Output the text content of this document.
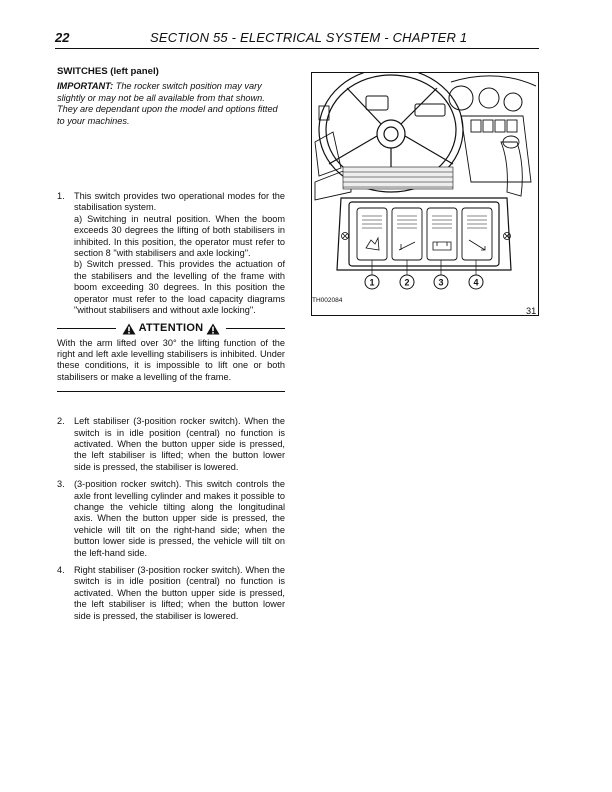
22	SECTION 55 - ELECTRICAL SYSTEM - CHAPTER 1
SWITCHES (left panel)
IMPORTANT: The rocker switch position may vary slightly or may not be all available from that shown. They are dependant upon the model and options fitted to your machines.
1.	This switch provides two operational modes for the stabilisation system.

a) Switching in neutral position. When the boom exceeds 30 degrees the lifting of both stabilisers in inhibited. In this position, the operator must refer to section 8 "with stabilisers and axle locking".

b) Switch pressed. This provides the actuation of the stabilisers and the levelling of the frame with boom exceeding 30 degrees. In this position the operator must refer to the load capacity diagrams "without stabilisers and without axle locking".

ATTENTION

With the arm lifted over 30° the lifting function of the right and left axle levelling stabilisers is inhibited. Under these conditions, it is impossible to lift one or both stabilisers or make a levelling of the frame.

2.	Left stabiliser (3-position rocker switch). When the switch is in idle position (central) no function is activated. When the button upper side is pressed, the left stabiliser is lifted; when the button lower side is pressed, the stabiliser is lowered.

3.	(3-position rocker switch). This switch controls the axle front levelling cylinder and makes it possible to change the vehicle tilting along the longitudinal axis. When the button upper side is pressed, the vehicle will tilt on the right-hand side; when the button lower side is pressed, the vehicle will tilt on the left-hand side.

4.	Right stabiliser (3-position rocker switch). When the switch is in idle position (central) no function is activated. When the button upper side is pressed, the left stabiliser is lifted; when the button lower side is pressed, the stabiliser is lowered.

1	2	3	4
TH002084
31
